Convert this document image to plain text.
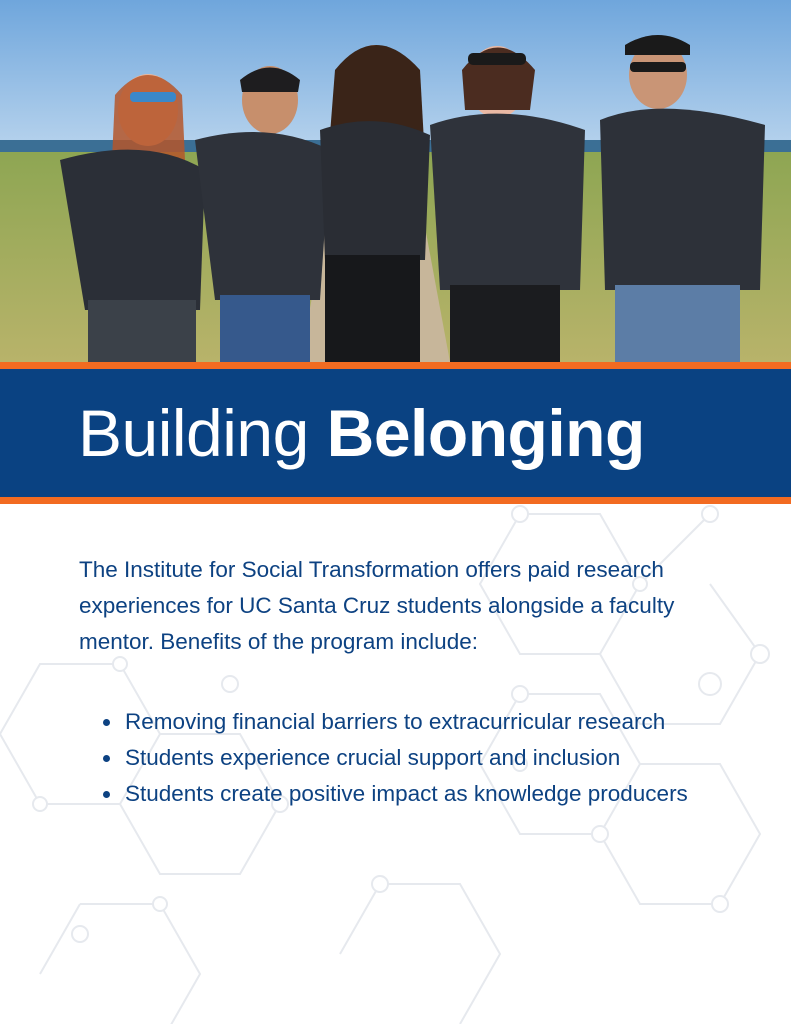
Building Belonging

The Institute for Social Transformation offers paid research experiences for UC Santa Cruz students alongside a faculty mentor. Benefits of the program include:

• Removing financial barriers to extracurricular research
• Students experience crucial support and inclusion
• Students create positive impact as knowledge producers
